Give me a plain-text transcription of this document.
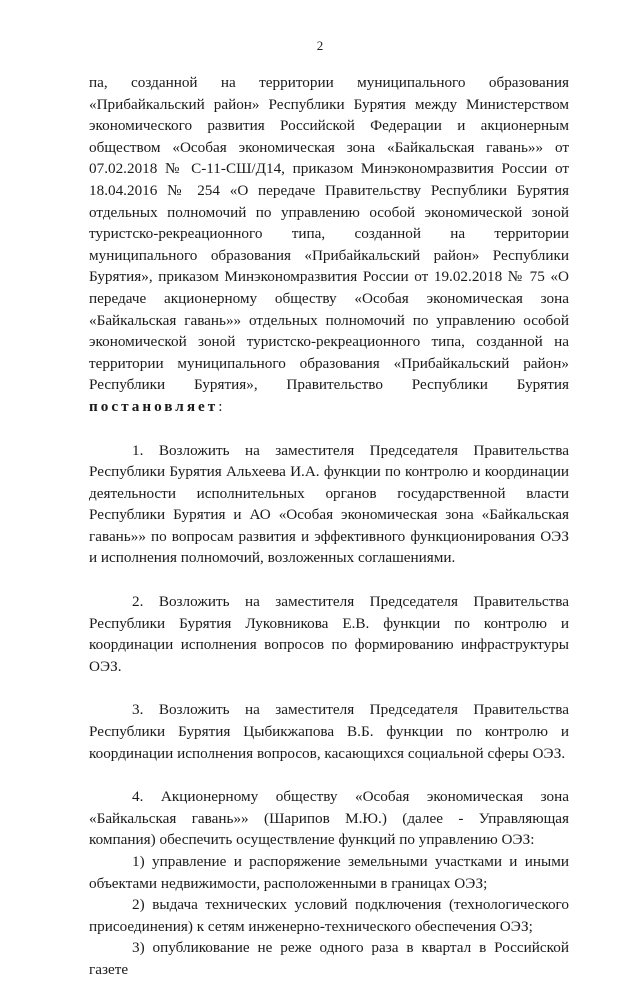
2

па, созданной на территории муниципального образования «Прибайкальский район» Республики Бурятия между Министерством экономического развития Российской Федерации и акционерным обществом «Особая экономическая зона «Байкальская гавань»» от 07.02.2018 № С-11-СШ/Д14, приказом Минэкономразвития России от 18.04.2016 № 254 «О передаче Правительству Республики Бурятия отдельных полномочий по управлению особой экономической зоной туристско-рекреационного типа, созданной на территории муниципального образования «Прибайкальский район» Республики Бурятия», приказом Минэкономразвития России от 19.02.2018 № 75 «О передаче акционерному обществу «Особая экономическая зона «Байкальская гавань»» отдельных полномочий по управлению особой экономической зоной туристско-рекреационного типа, созданной на территории муниципального образования «Прибайкальский район» Республики Бурятия», Правительство Республики Бурятия постановляет:

1. Возложить на заместителя Председателя Правительства Республики Бурятия Альхеева И.А. функции по контролю и координации деятельности исполнительных органов государственной власти Республики Бурятия и АО «Особая экономическая зона «Байкальская гавань»» по вопросам развития и эффективного функционирования ОЭЗ и исполнения полномочий, возложенных соглашениями.

2. Возложить на заместителя Председателя Правительства Республики Бурятия Луковникова Е.В. функции по контролю и координации исполнения вопросов по формированию инфраструктуры ОЭЗ.

3. Возложить на заместителя Председателя Правительства Республики Бурятия Цыбикжапова В.Б. функции по контролю и координации исполнения вопросов, касающихся социальной сферы ОЭЗ.

4. Акционерному обществу «Особая экономическая зона «Байкальская гавань»» (Шарипов М.Ю.) (далее - Управляющая компания) обеспечить осуществление функций по управлению ОЭЗ:

1) управление и распоряжение земельными участками и иными объектами недвижимости, расположенными в границах ОЭЗ;

2) выдача технических условий подключения (технологического присоединения) к сетям инженерно-технического обеспечения ОЭЗ;

3) опубликование не реже одного раза в квартал в Российской газете
